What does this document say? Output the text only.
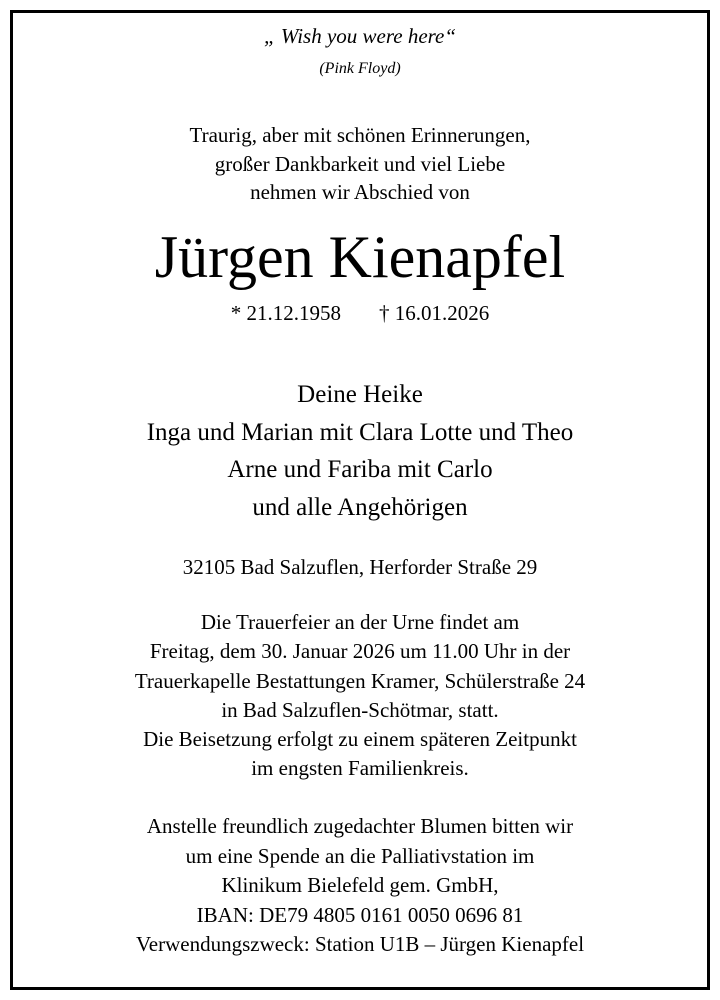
„ Wish you were here“
(Pink Floyd)
Traurig, aber mit schönen Erinnerungen,
großer Dankbarkeit und viel Liebe
nehmen wir Abschied von
Jürgen Kienapfel
* 21.12.1958 † 16.01.2026
Deine Heike
Inga und Marian mit Clara Lotte und Theo
Arne und Fariba mit Carlo
und alle Angehörigen
32105 Bad Salzuflen, Herforder Straße 29
Die Trauerfeier an der Urne findet am
Freitag, dem 30. Januar 2026 um 11.00 Uhr in der
Trauerkapelle Bestattungen Kramer, Schülerstraße 24
in Bad Salzuflen-Schötmar, statt.
Die Beisetzung erfolgt zu einem späteren Zeitpunkt
im engsten Familienkreis.
Anstelle freundlich zugedachter Blumen bitten wir
um eine Spende an die Palliativstation im
Klinikum Bielefeld gem. GmbH,
IBAN: DE79 4805 0161 0050 0696 81
Verwendungszweck: Station U1B – Jürgen Kienapfel
